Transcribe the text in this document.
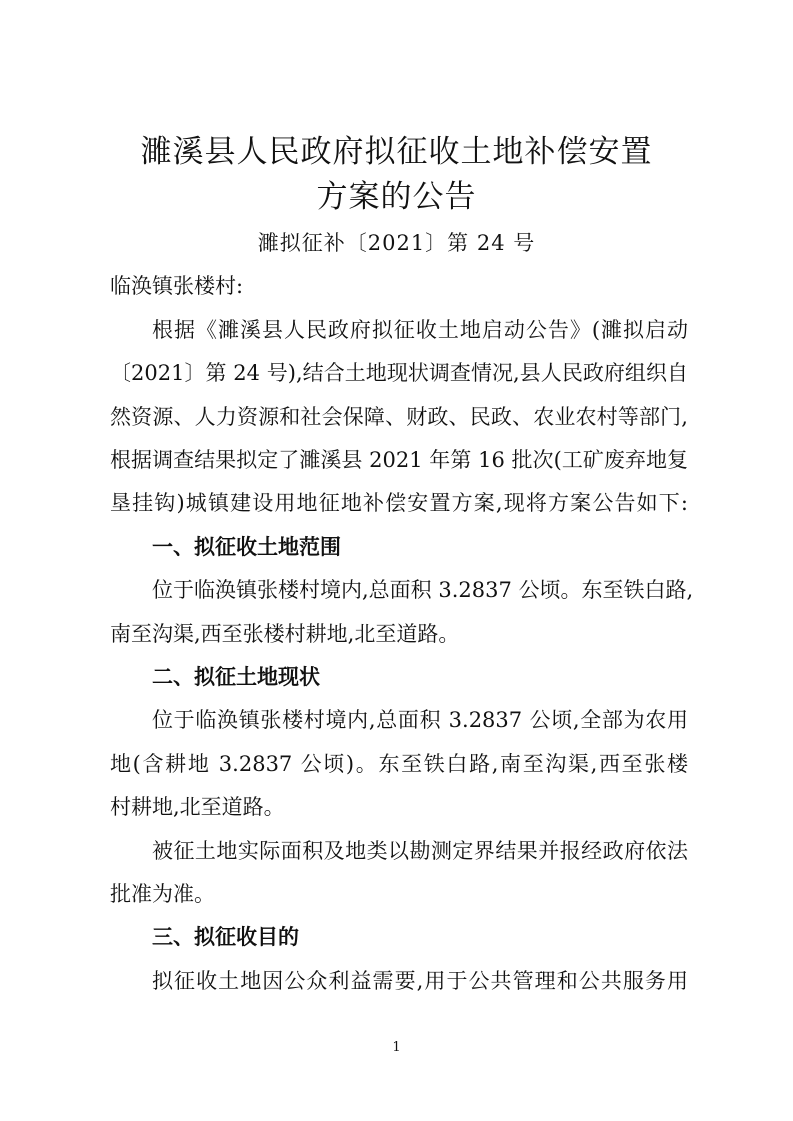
濉溪县人民政府拟征收土地补偿安置
方案的公告
濉拟征补〔2021〕第 24 号
临涣镇张楼村:
根据《濉溪县人民政府拟征收土地启动公告》(濉拟启动
〔2021〕第 24 号),结合土地现状调查情况,县人民政府组织自
然资源、人力资源和社会保障、财政、民政、农业农村等部门,
根据调查结果拟定了濉溪县 2021 年第 16 批次(工矿废弃地复
垦挂钩)城镇建设用地征地补偿安置方案,现将方案公告如下:
一、拟征收土地范围
位于临涣镇张楼村境内,总面积 3.2837 公顷。东至铁白路,
南至沟渠,西至张楼村耕地,北至道路。
二、拟征土地现状
位于临涣镇张楼村境内,总面积 3.2837 公顷,全部为农用
地(含耕地 3.2837 公顷)。东至铁白路,南至沟渠,西至张楼
村耕地,北至道路。
被征土地实际面积及地类以勘测定界结果并报经政府依法
批准为准。
三、拟征收目的
拟征收土地因公众利益需要,用于公共管理和公共服务用
1
